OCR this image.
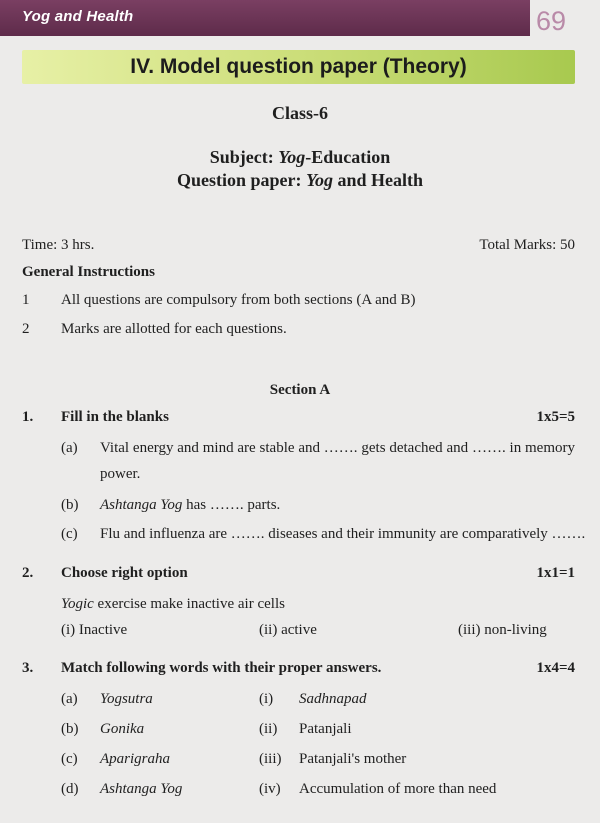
Yog and Health	69
IV. Model question paper (Theory)
Class-6
Subject: Yog-Education
Question paper: Yog and Health
Time: 3 hrs.	Total Marks: 50
General Instructions
1 All questions are compulsory from both sections (A and B)
2 Marks are allotted for each questions.
Section A
1. Fill in the blanks	1x5=5
(a) Vital energy and mind are stable and ……. gets detached and ……. in memory
power.
(b) Ashtanga Yog has ……. parts.
(c) Flu and influenza are ……. diseases and their immunity are comparatively …….
2. Choose right option	1x1=1
Yogic exercise make inactive air cells
(i) Inactive	(ii) active	(iii) non-living
3. Match following words with their proper answers.	1x4=4
(a) Yogsutra	(i) Sadhnapad
(b) Gonika	(ii) Patanjali
(c) Aparigraha	(iii) Patanjali's mother
(d) Ashtanga Yog	(iv) Accumulation of more than need
